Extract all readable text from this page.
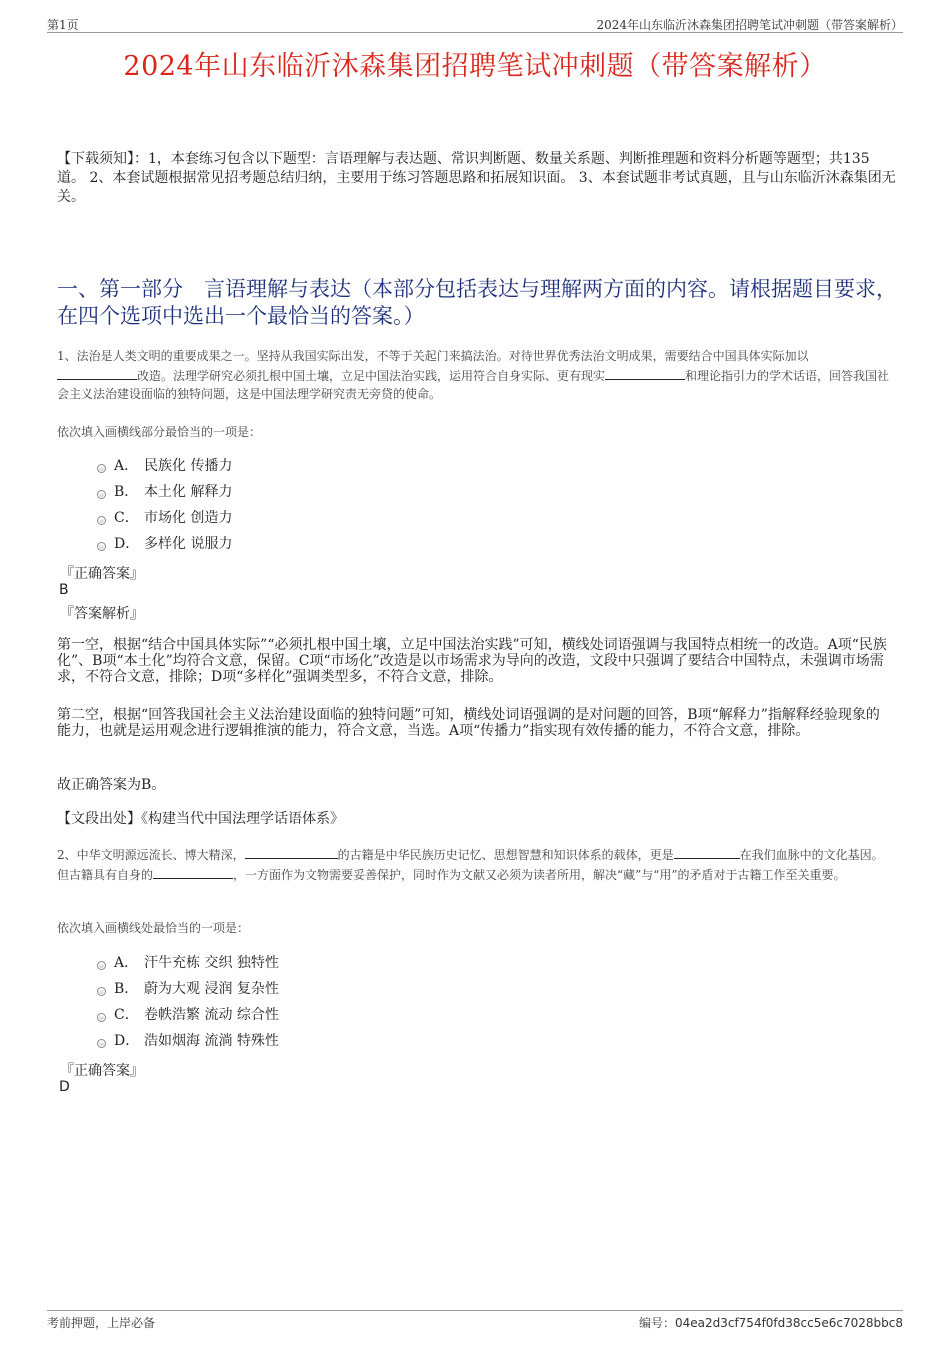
第1页	2024年山东临沂沐森集团招聘笔试冲刺题（带答案解析）
2024年山东临沂沐森集团招聘笔试冲刺题（带答案解析）
【下载须知】：1，本套练习包含以下题型：言语理解与表达题、常识判断题、数量关系题、判断推理题和资料分析题等题型；共135道。 2、本套试题根据常见招考题总结归纳，主要用于练习答题思路和拓展知识面。 3、本套试题非考试真题，且与山东临沂沐森集团无关。
一、第一部分　言语理解与表达（本部分包括表达与理解两方面的内容。请根据题目要求，在四个选项中选出一个最恰当的答案。）
1、法治是人类文明的重要成果之一。坚持从我国实际出发，不等于关起门来搞法治。对待世界优秀法治文明成果，需要结合中国具体实际加以
改造。法理学研究必须扎根中国土壤，立足中国法治实践，运用符合自身实际、更有现实	和理论指引力的学术话语，回答我国社会主义法治建设面临的独特问题，这是中国法理学研究责无旁贷的使命。
依次填入画横线部分最恰当的一项是：
A． 民族化 传播力
B． 本土化 解释力
C． 市场化 创造力
D． 多样化 说服力
『正确答案』
B
『答案解析』
第一空，根据“结合中国具体实际”“必须扎根中国土壤，立足中国法治实践”可知，横线处词语强调与我国特点相统一的改造。A项“民族化”、B项“本土化”均符合文意，保留。C项“市场化”改造是以市场需求为导向的改造，文段中只强调了要结合中国特点，未强调市场需求，不符合文意，排除；D项“多样化”强调类型多，不符合文意，排除。
第二空，根据“回答我国社会主义法治建设面临的独特问题”可知，横线处词语强调的是对问题的回答，B项“解释力”指解释经验现象的能力，也就是运用观念进行逻辑推演的能力，符合文意，当选。A项“传播力”指实现有效传播的能力，不符合文意，排除。
故正确答案为B。
【文段出处】《构建当代中国法理学话语体系》
2、中华文明源远流长、博大精深，	的古籍是中华民族历史记忆、思想智慧和知识体系的载体，更是	在我们血脉中的文化基因。但古籍具有自身的	，一方面作为文物需要妥善保护，同时作为文献又必须为读者所用，解决“藏”与“用”的矛盾对于古籍工作至关重要。
依次填入画横线处最恰当的一项是：
A． 汗牛充栋 交织 独特性
B． 蔚为大观 浸润 复杂性
C． 卷帙浩繁 流动 综合性
D． 浩如烟海 流淌 特殊性
『正确答案』
D
考前押题，上岸必备	编号：04ea2d3cf754f0fd38cc5e6c7028bbc8
